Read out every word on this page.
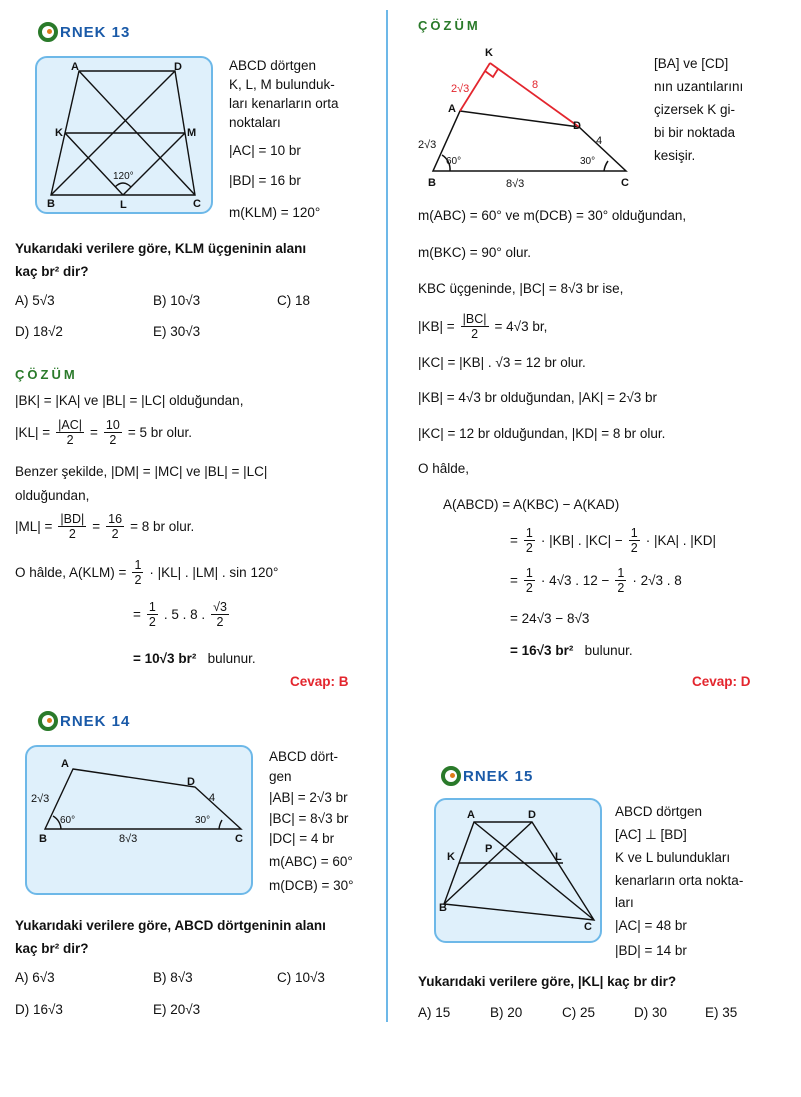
RNEK 13
A	D
K	M
B	L	C
120°
ABCD dörtgen
K, L, M bulunduk-
ları kenarların orta
noktaları
|AC| = 10 br
|BD| = 16 br
m(KLM) = 120°
Yukarıdaki verilere göre, KLM üçgeninin alanı
kaç br² dir?
A) 5√3	B) 10√3	C) 18
D) 18√2	E) 30√3
ÇÖZÜM
|BK| = |KA| ve |BL| = |LC| olduğundan,
$|KL| = \frac{|AC|}{2} = \frac{10}{2} = 5$ br olur.
Benzer şekilde, |DM| = |MC| ve |BL| = |LC|
olduğundan,
$|ML| = \frac{|BD|}{2} = \frac{16}{2} = 8$ br olur.
O hâlde, $A(KLM) = \frac{1}{2} \cdot |KL|$ . |LM| . sin 120°
= $\frac{1}{2}$ . 5 . 8 . $\frac{√3}{2}$
= 10√3 br² bulunur.
Cevap: B
RNEK 14
A
D
B	C
2√3	4
8√3
60°	30°
ABCD dört-
gen
|AB| = 2√3 br
|BC| = 8√3 br
|DC| = 4 br
m(ABC) = 60°
m(DCB) = 30°
Yukarıdaki verilere göre, ABCD dörtgeninin alanı
kaç br² dir?
A) 6√3	B) 8√3	C) 10√3
D) 16√3	E) 20√3
ÇÖZÜM
K
A
D
B	C
2√3	4
8√3
60°	30°
2√3	8
[BA] ve [CD]
nın uzantılarını
çizersek K gi-
bi bir noktada
kesişir.
m(ABC) = 60° ve m(DCB) = 30° olduğundan,
m(BKC) = 90° olur.
KBC üçgeninde, |BC| = 8√3 br ise,
$|KB| = \frac{|BC|}{2} = 4√3$ br,
|KC| = |KB| . √3 = 12 br olur.
|KB| = 4√3 br olduğundan, |AK| = 2√3 br
|KC| = 12 br olduğundan, |KD| = 8 br olur.
O hâlde,
A(ABCD) = A(KBC) − A(KAD)
= $\frac{1}{2} \cdot |KB|$ . $|KC| - \frac{1}{2} \cdot |KA|$ . |KD|
= $\frac{1}{2} \cdot 4√3$ . $12 - \frac{1}{2} \cdot 2√3$ . 8
= 24√3 − 8√3
= 16√3 br² bulunur.
Cevap: D
RNEK 15
A	D
K
P
L
B
C
ABCD dörtgen
[AC] ⊥ [BD]
K ve L bulundukları
kenarların orta nokta-
ları
|AC| = 48 br
|BD| = 14 br
Yukarıdaki verilere göre, |KL| kaç br dir?
A) 15	B) 20	C) 25	D) 30	E) 35
